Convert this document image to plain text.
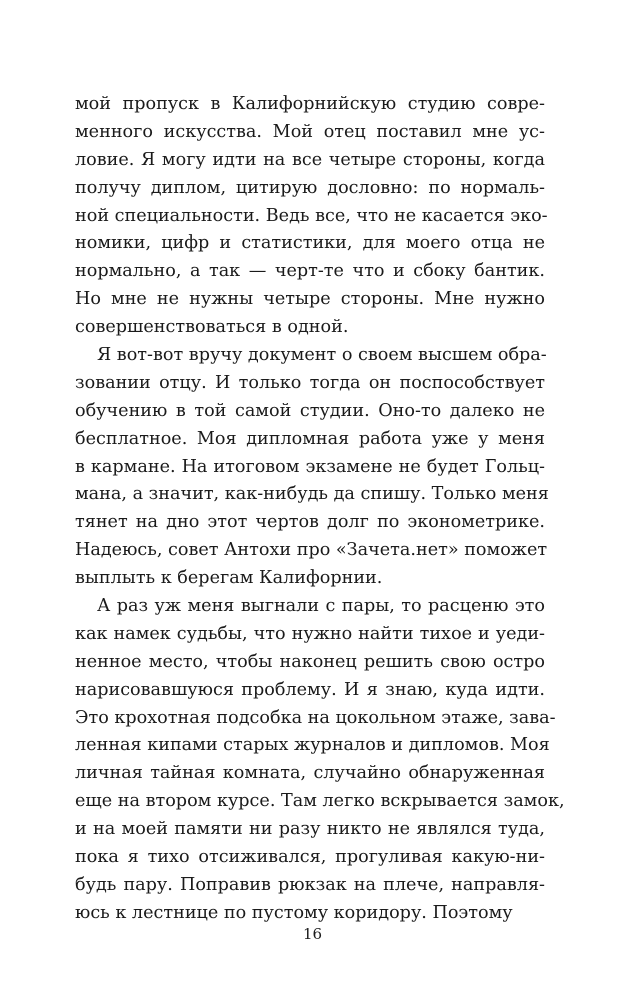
мой пропуск в Калифорнийскую студию совре-
менного искусства. Мой отец поставил мне ус-
ловие. Я могу идти на все четыре стороны, когда
получу диплом, цитирую дословно: по нормаль-
ной специальности. Ведь все, что не касается эко-
номики, цифр и статистики, для моего отца не
нормально, а так — черт-те что и сбоку бантик.
Но мне не нужны четыре стороны. Мне нужно
совершенствоваться в одной.
Я вот-вот вручу документ о своем высшем обра-
зовании отцу. И только тогда он поспособствует
обучению в той самой студии. Оно-то далеко не
бесплатное. Моя дипломная работа уже у меня
в кармане. На итоговом экзамене не будет Гольц-
мана, а значит, как-нибудь да спишу. Только меня
тянет на дно этот чертов долг по эконометрике.
Надеюсь, совет Антохи про «Зачета.нет» поможет
выплыть к берегам Калифорнии.
А раз уж меня выгнали с пары, то расценю это
как намек судьбы, что нужно найти тихое и уеди-
ненное место, чтобы наконец решить свою остро
нарисовавшуюся проблему. И я знаю, куда идти.
Это крохотная подсобка на цокольном этаже, зава-
ленная кипами старых журналов и дипломов. Моя
личная тайная комната, случайно обнаруженная
еще на втором курсе. Там легко вскрывается замок,
и на моей памяти ни разу никто не являлся туда,
пока я тихо отсиживался, прогуливая какую-ни-
будь пару. Поправив рюкзак на плече, направля-
юсь к лестнице по пустому коридору. Поэтому
16
